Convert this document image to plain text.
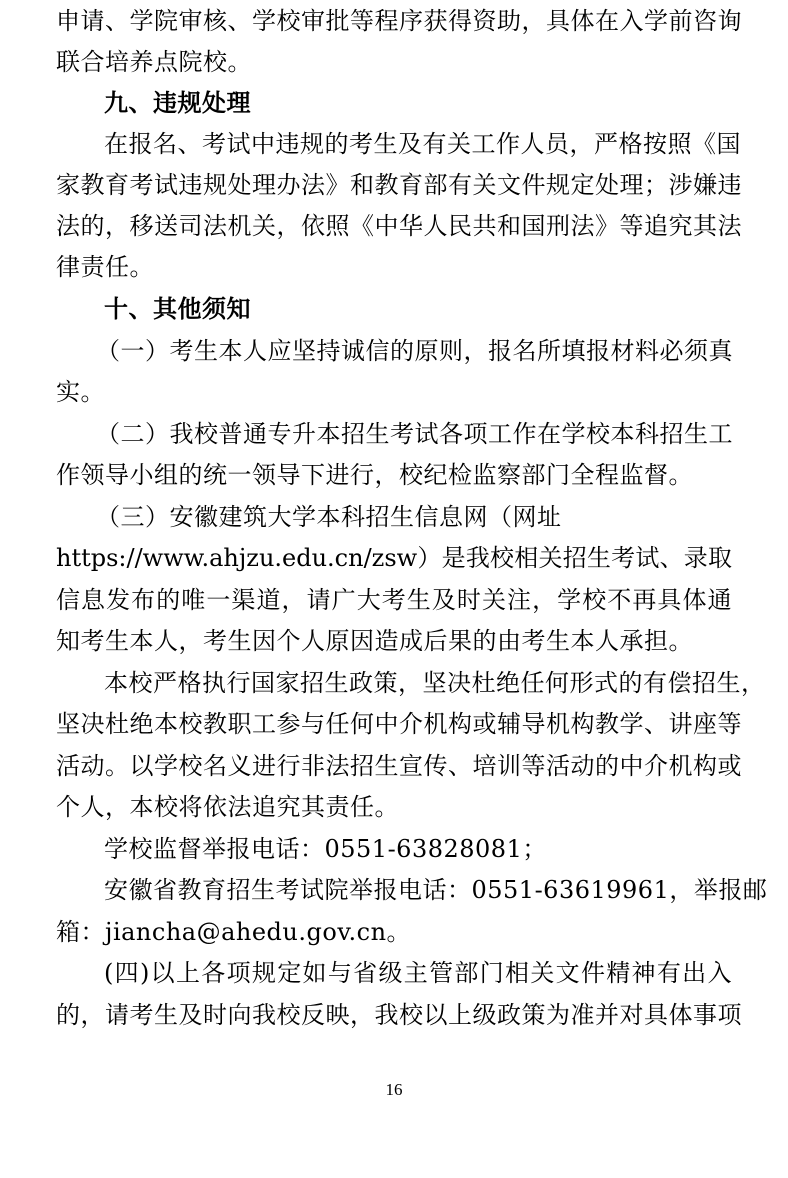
申请、学院审核、学校审批等程序获得资助，具体在入学前咨询
联合培养点院校。
九、违规处理
在报名、考试中违规的考生及有关工作人员，严格按照《国
家教育考试违规处理办法》和教育部有关文件规定处理；涉嫌违
法的，移送司法机关，依照《中华人民共和国刑法》等追究其法
律责任。
十、其他须知
（一）考生本人应坚持诚信的原则，报名所填报材料必须真
实。
（二）我校普通专升本招生考试各项工作在学校本科招生工
作领导小组的统一领导下进行，校纪检监察部门全程监督。
（三）安徽建筑大学本科招生信息网（网址
https://www.ahjzu.edu.cn/zsw）是我校相关招生考试、录取
信息发布的唯一渠道，请广大考生及时关注，学校不再具体通
知考生本人，考生因个人原因造成后果的由考生本人承担。
本校严格执行国家招生政策，坚决杜绝任何形式的有偿招生，
坚决杜绝本校教职工参与任何中介机构或辅导机构教学、讲座等
活动。以学校名义进行非法招生宣传、培训等活动的中介机构或
个人，本校将依法追究其责任。
学校监督举报电话：0551-63828081；
安徽省教育招生考试院举报电话：0551-63619961，举报邮
箱：jiancha@ahedu.gov.cn。
(四)以上各项规定如与省级主管部门相关文件精神有出入
的，请考生及时向我校反映，我校以上级政策为准并对具体事项
16
